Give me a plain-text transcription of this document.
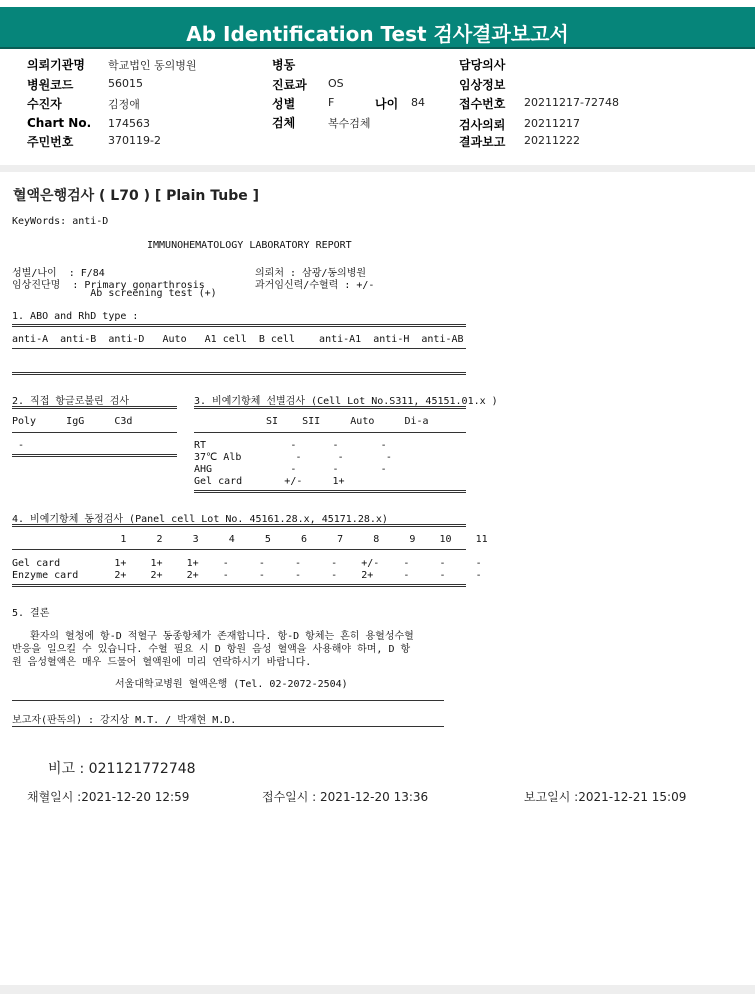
Ab Identification Test 검사결과보고서
의뢰기관명 학교법인 동의병원
병원코드	56015
수진자	김정애
Chart No. 174563
주민번호	370119-2
병동
진료과 OS
성별	F	나이 84
검체	복수검체
담당의사
임상정보
접수번호 20211217-72748
검사의뢰 20211217
결과보고 20211222
혈액은행검사 ( L70 ) [ Plain Tube ]
KeyWords: anti-D
IMMUNOHEMATOLOGY LABORATORY REPORT
성별/나이  : F/84
임상진단명  : Primary gonarthrosis
Ab screening test (+)
의뢰처 : 삼광/동의병원
과거임신력/수혈력 : +/-
1. ABO and RhD type :
anti-A  anti-B  anti-D   Auto   A1 cell  B cell    anti-A1  anti-H  anti-AB
2. 직접 항글로불린 검사
Poly     IgG     C3d
-
3. 비예기항체 선별검사 (Cell Lot No.S311, 45151.01.x )
SI    SII     Auto     Di-a
RT              -      -       -
37℃ Alb         -      -       -
AHG             -      -       -
Gel card       +/-     1+
4. 비예기항체 동정검사 (Panel cell Lot No. 45161.28.x, 45171.28.x)
1     2     3     4     5     6     7     8     9    10    11
Gel card         1+    1+    1+    -     -     -     -    +/-    -     -     -
Enzyme card      2+    2+    2+    -     -     -     -    2+     -     -     -
5. 결론
환자의 혈청에 항-D 적혈구 동종항체가 존재합니다. 항-D 항체는 흔히 용혈성수혈
반응을 일으킬 수 있습니다. 수혈 필요 시 D 항원 음성 혈액을 사용해야 하며, D 항
원 음성혈액은 매우 드물어 혈액원에 미리 연락하시기 바랍니다.
서울대학교병원 혈액은행 (Tel. 02-2072-2504)
보고자(판독의) : 강지상 M.T. / 박재현 M.D.
비고 : 021121772748
채혈일시 :2021-12-20 12:59	접수일시 : 2021-12-20 13:36	보고일시 :2021-12-21 15:09
